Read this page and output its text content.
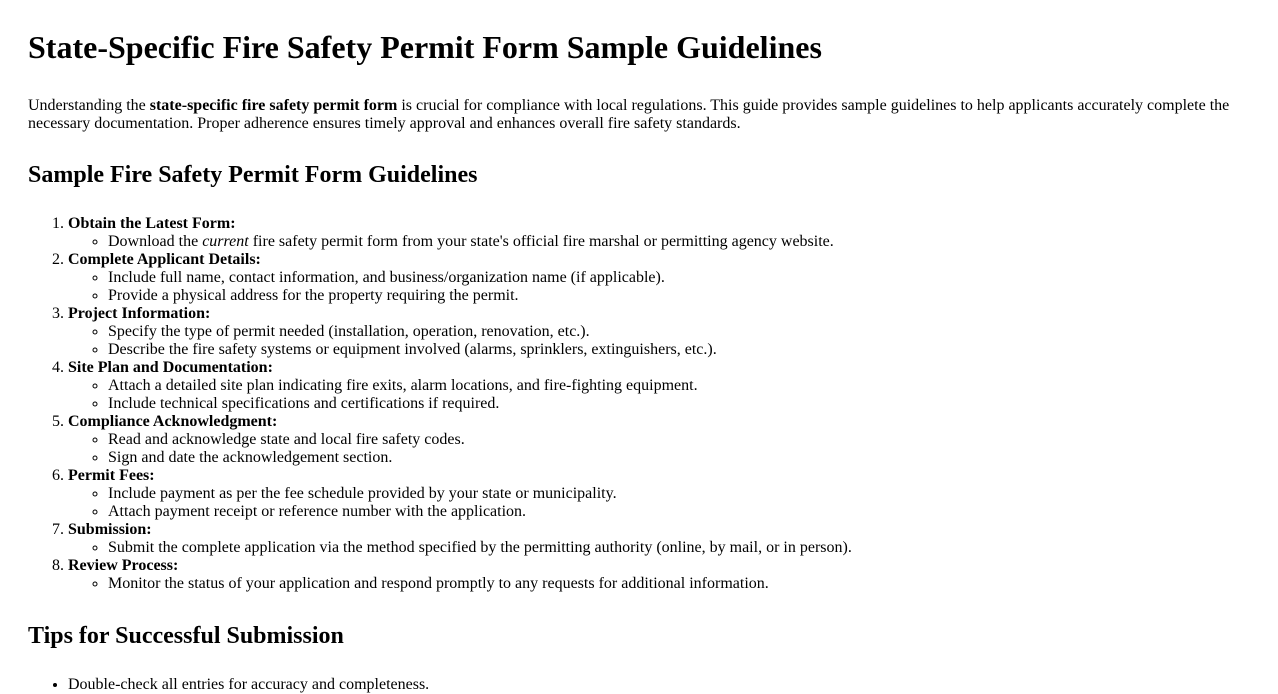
State-Specific Fire Safety Permit Form Sample Guidelines

Understanding the state-specific fire safety permit form is crucial for compliance with local regulations. This guide provides sample guidelines to help applicants accurately complete the necessary documentation. Proper adherence ensures timely approval and enhances overall fire safety standards.

Sample Fire Safety Permit Form Guidelines
1. Obtain the Latest Form:
◦ Download the current fire safety permit form from your state's official fire marshal or permitting agency website.
2. Complete Applicant Details:
◦ Include full name, contact information, and business/organization name (if applicable).
◦ Provide a physical address for the property requiring the permit.
3. Project Information:
◦ Specify the type of permit needed (installation, operation, renovation, etc.).
◦ Describe the fire safety systems or equipment involved (alarms, sprinklers, extinguishers, etc.).
4. Site Plan and Documentation:
◦ Attach a detailed site plan indicating fire exits, alarm locations, and fire-fighting equipment.
◦ Include technical specifications and certifications if required.
5. Compliance Acknowledgment:
◦ Read and acknowledge state and local fire safety codes.
◦ Sign and date the acknowledgement section.
6. Permit Fees:
◦ Include payment as per the fee schedule provided by your state or municipality.
◦ Attach payment receipt or reference number with the application.
7. Submission:
◦ Submit the complete application via the method specified by the permitting authority (online, by mail, or in person).
8. Review Process:
◦ Monitor the status of your application and respond promptly to any requests for additional information.
Tips for Successful Submission
• Double-check all entries for accuracy and completeness.
